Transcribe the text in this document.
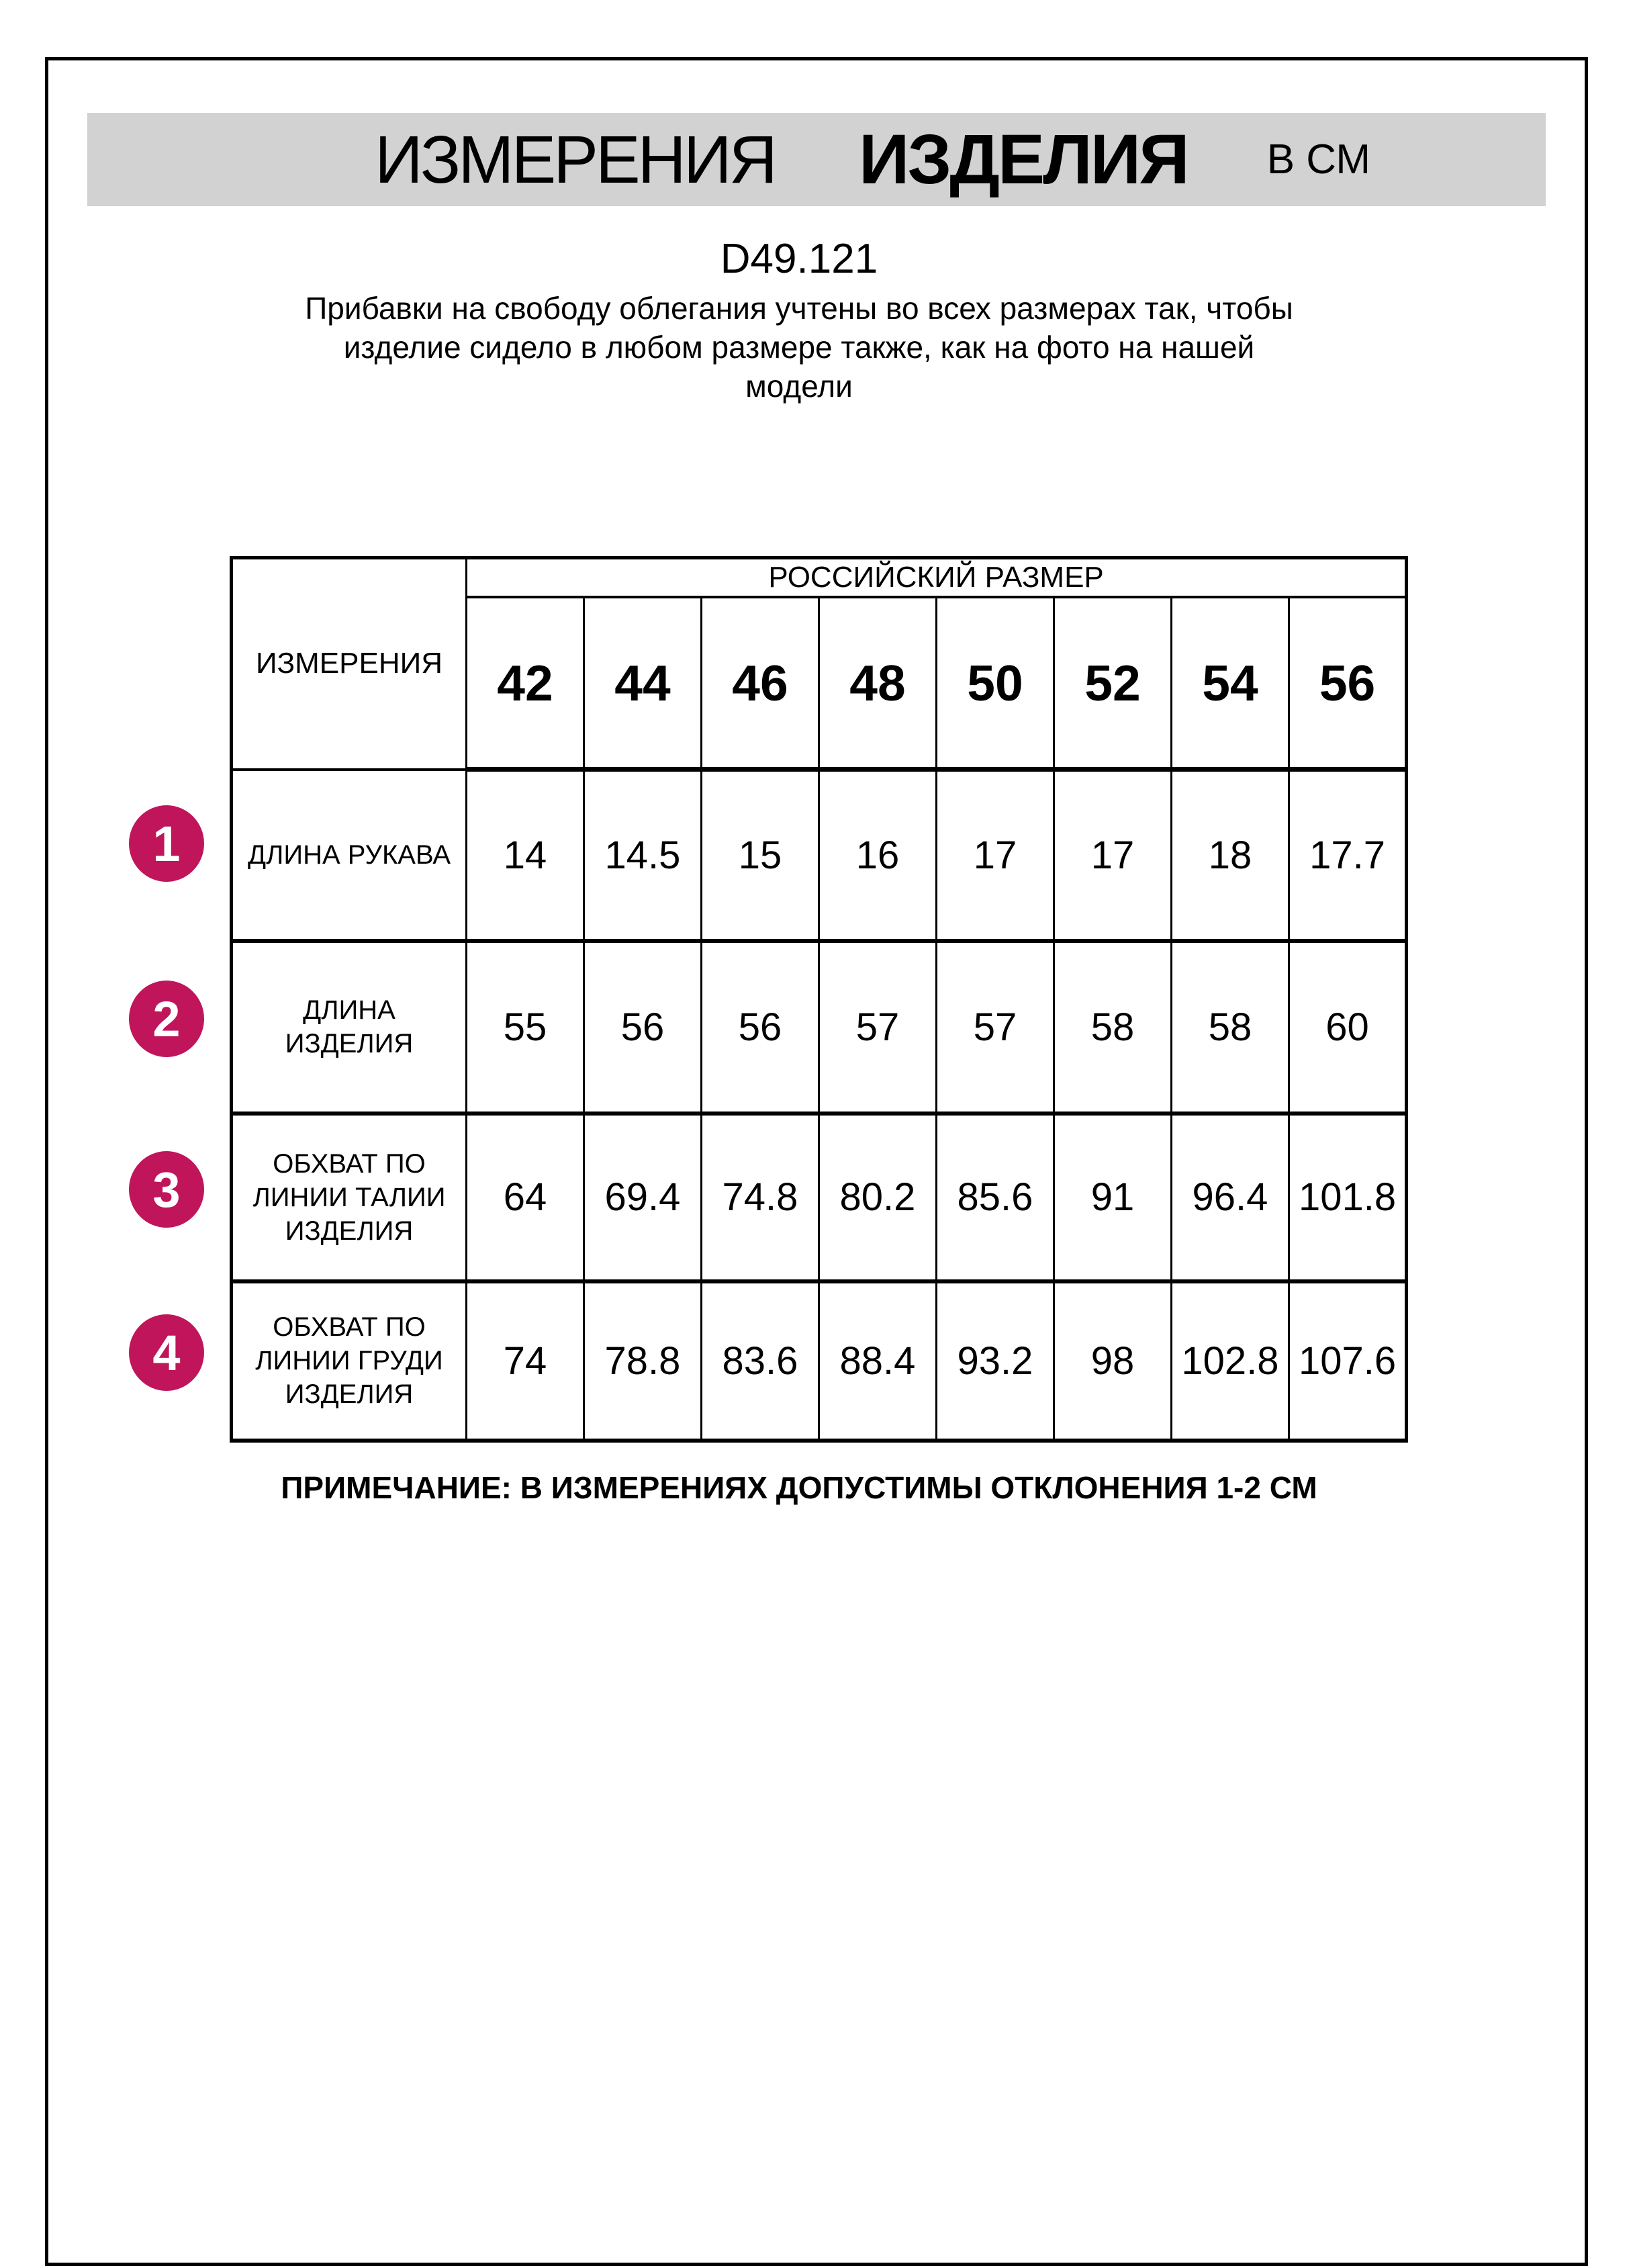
ИЗМЕРЕНИЯ ИЗДЕЛИЯ В СМ
D49.121
Прибавки на свободу облегания учтены во всех размерах так, чтобы
изделие сидело в любом размере также, как на фото на нашей
модели
ИЗМЕРЕНИЯ	РОССИЙСКИЙ РАЗМЕР							
	42	44	46	48	50	52	54	56

ДЛИНА РУКАВА	14	14.5	15	16	17	17	18	17.7

ДЛИНА
ИЗДЕЛИЯ	55	56	56	57	57	58	58	60

ОБХВАТ ПО
ЛИНИИ ТАЛИИ
ИЗДЕЛИЯ	64	69.4	74.8	80.2	85.6	91	96.4	101.8

ОБХВАТ ПО
ЛИНИИ ГРУДИ
ИЗДЕЛИЯ	74	78.8	83.6	88.4	93.2	98	102.8	107.6
1
2
3
4
ПРИМЕЧАНИЕ: В ИЗМЕРЕНИЯХ ДОПУСТИМЫ ОТКЛОНЕНИЯ 1-2 СМ
